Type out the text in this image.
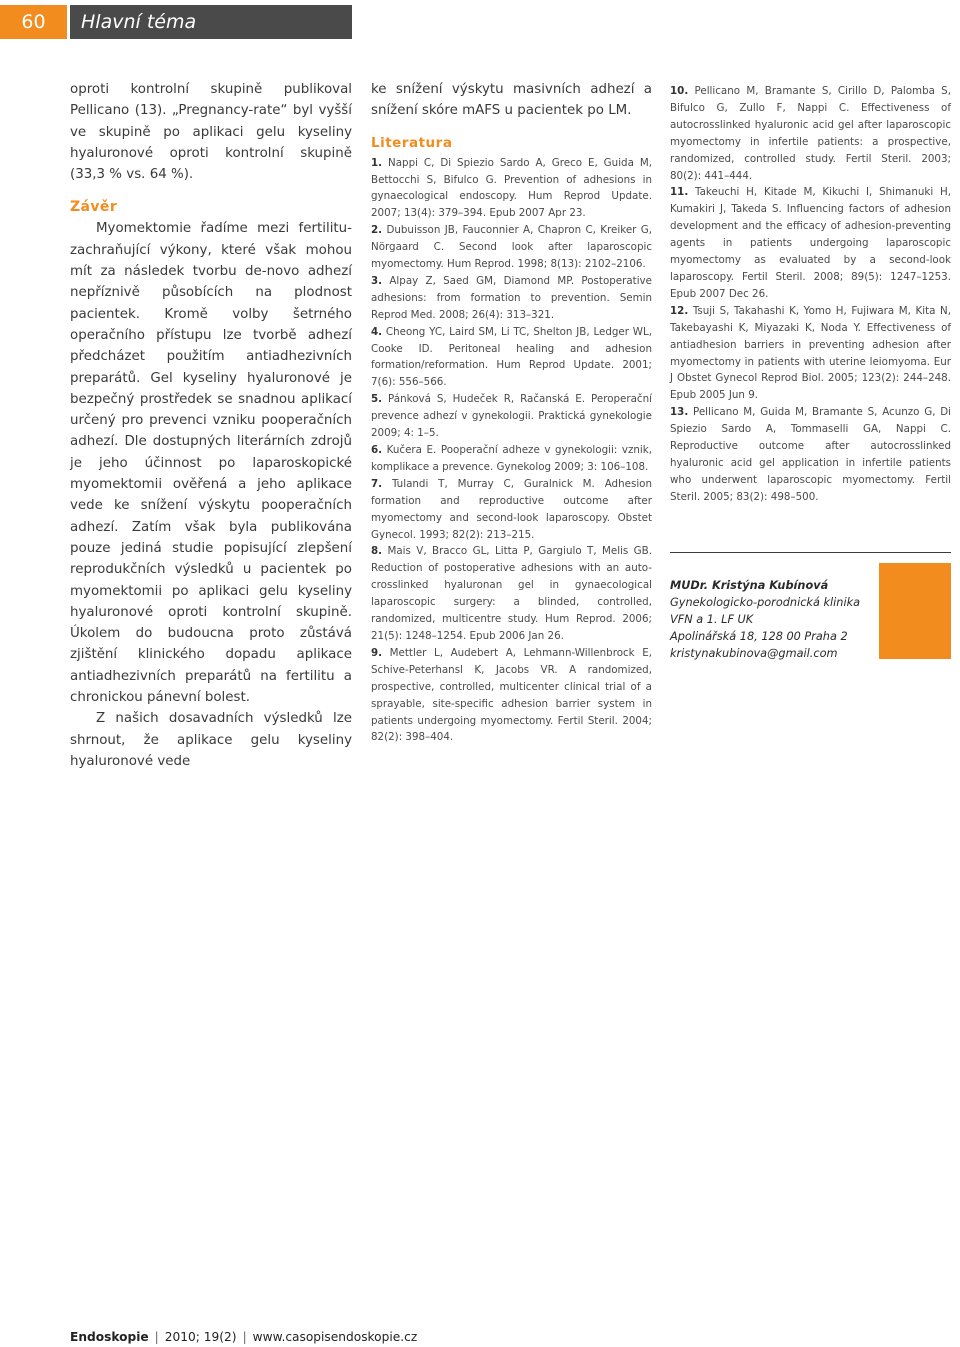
60	Hlavní téma

oproti kontrolní skupině publikoval Pellicano (13). „Pregnancy-rate“ byl vyšší ve skupině po aplikaci gelu kyseliny hyaluronové oproti kontrolní skupině (33,3 % vs. 64 %).

Závěr

Myomektomie řadíme mezi fertilitu-zachraňující výkony, které však mohou mít za následek tvorbu de-novo adhezí nepříznivě působících na plodnost pacientek. Kromě volby šetrného operačního přístupu lze tvorbě adhezí předcházet použitím antiadhezivních preparátů. Gel kyseliny hyaluronové je bezpečný prostředek se snadnou aplikací určený pro prevenci vzniku pooperačních adhezí. Dle dostupných literárních zdrojů je jeho účinnost po laparoskopické myomektomii ověřená a jeho aplikace vede ke snížení výskytu pooperačních adhezí. Zatím však byla publikována pouze jediná studie popisující zlepšení reprodukčních výsledků u pacientek po myomektomii po aplikaci gelu kyseliny hyaluronové oproti kontrolní skupině. Úkolem do budoucna proto zůstává zjištění klinického dopadu aplikace antiadhezivních preparátů na fertilitu a chronickou pánevní bolest.

Z našich dosavadních výsledků lze shrnout, že aplikace gelu kyseliny hyaluronové vede

ke snížení výskytu masivních adhezí a snížení skóre mAFS u pacientek po LM.

Literatura

1. Nappi C, Di Spiezio Sardo A, Greco E, Guida M, Bettocchi S, Bifulco G. Prevention of adhesions in gynaecological endoscopy. Hum Reprod Update. 2007; 13(4): 379–394. Epub 2007 Apr 23.

2. Dubuisson JB, Fauconnier A, Chapron C, Kreiker G, Nörgaard C. Second look after laparoscopic myomectomy. Hum Reprod. 1998; 8(13): 2102–2106.

3. Alpay Z, Saed GM, Diamond MP. Postoperative adhesions: from formation to prevention. Semin Reprod Med. 2008; 26(4): 313–321.

4. Cheong YC, Laird SM, Li TC, Shelton JB, Ledger WL, Cooke ID. Peritoneal healing and adhesion formation/reformation. Hum Reprod Update. 2001; 7(6): 556–566.

5. Pánková S, Hudeček R, Račanská E. Peroperační prevence adhezí v gynekologii. Praktická gynekologie 2009; 4: 1–5.

6. Kučera E. Pooperační adheze v gynekologii: vznik, komplikace a prevence. Gynekolog 2009; 3: 106–108.

7. Tulandi T, Murray C, Guralnick M. Adhesion formation and reproductive outcome after myomectomy and second-look laparoscopy. Obstet Gynecol. 1993; 82(2): 213–215.

8. Mais V, Bracco GL, Litta P, Gargiulo T, Melis GB. Reduction of postoperative adhesions with an auto-crosslinked hyaluronan gel in gynaecological laparoscopic surgery: a blinded, controlled, randomized, multicentre study. Hum Reprod. 2006; 21(5): 1248–1254. Epub 2006 Jan 26.

9. Mettler L, Audebert A, Lehmann-Willenbrock E, Schive-Peterhansl K, Jacobs VR. A randomized, prospective, controlled, multicenter clinical trial of a sprayable, site-specific adhesion barrier system in patients undergoing myomectomy. Fertil Steril. 2004; 82(2): 398–404.

10. Pellicano M, Bramante S, Cirillo D, Palomba S, Bifulco G, Zullo F, Nappi C. Effectiveness of autocrosslinked hyaluronic acid gel after laparoscopic myomectomy in infertile patients: a prospective, randomized, controlled study. Fertil Steril. 2003; 80(2): 441–444.

11. Takeuchi H, Kitade M, Kikuchi I, Shimanuki H, Kumakiri J, Takeda S. Influencing factors of adhesion development and the efficacy of adhesion-preventing agents in patients undergoing laparoscopic myomectomy as evaluated by a second-look laparoscopy. Fertil Steril. 2008; 89(5): 1247–1253. Epub 2007 Dec 26.

12. Tsuji S, Takahashi K, Yomo H, Fujiwara M, Kita N, Takebayashi K, Miyazaki K, Noda Y. Effectiveness of antiadhesion barriers in preventing adhesion after myomectomy in patients with uterine leiomyoma. Eur J Obstet Gynecol Reprod Biol. 2005; 123(2): 244–248. Epub 2005 Jun 9.

13. Pellicano M, Guida M, Bramante S, Acunzo G, Di Spiezio Sardo A, Tommaselli GA, Nappi C. Reproductive outcome after autocrosslinked hyaluronic acid gel application in infertile patients who underwent laparoscopic myomectomy. Fertil Steril. 2005; 83(2): 498–500.

MUDr. Kristýna Kubínová
Gynekologicko-porodnická klinika
VFN a 1. LF UK
Apolinářská 18, 128 00 Praha 2
kristynakubinova@gmail.com
Endoskopie | 2010; 19(2) | www.casopisendoskopie.cz
